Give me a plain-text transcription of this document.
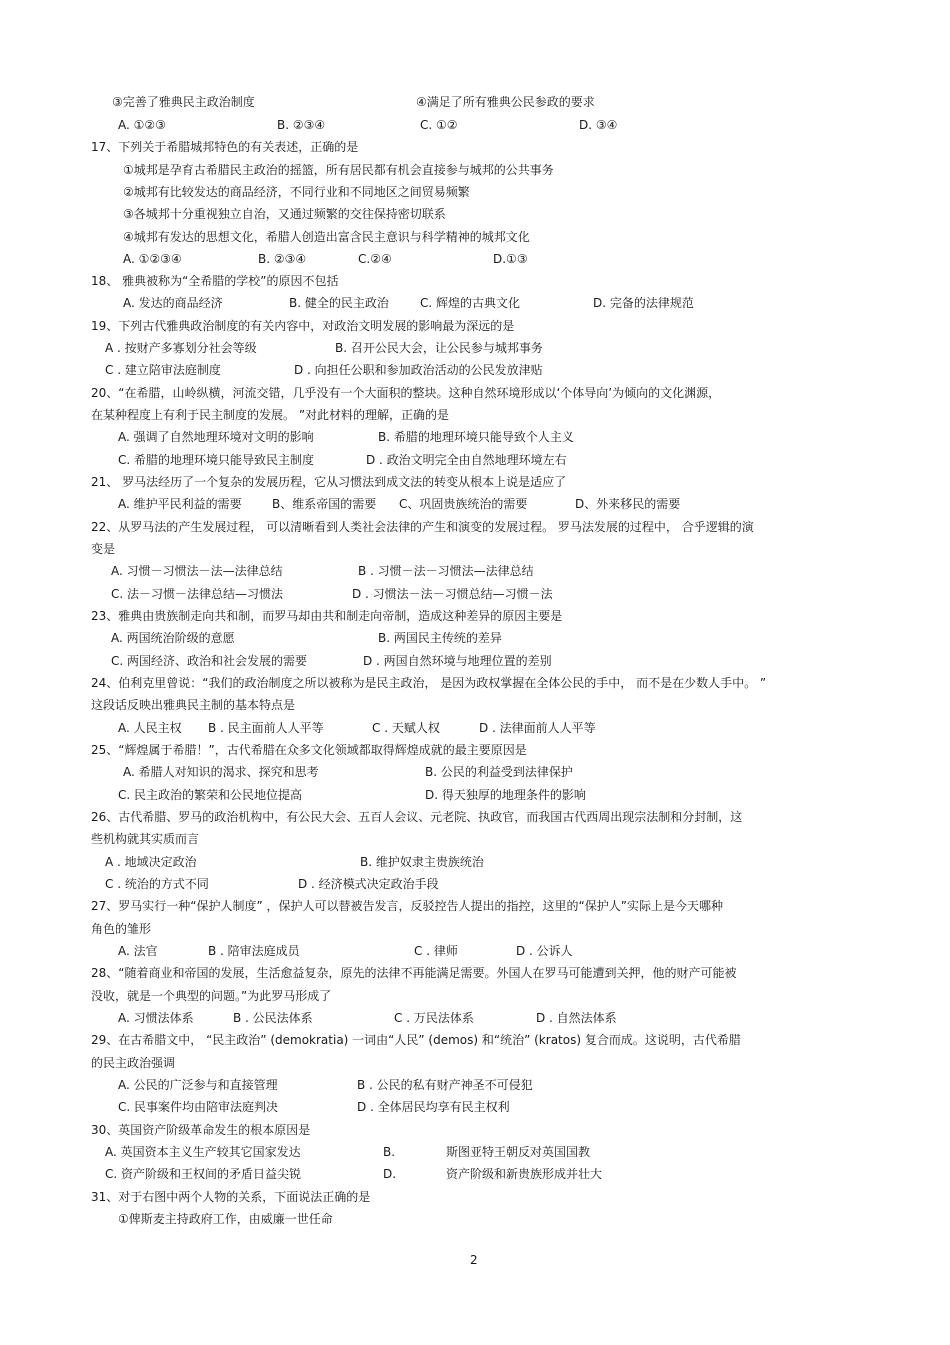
2
③完善了雅典民主政治制度	④满足了所有雅典公民参政的要求
A. ①②③	B. ②③④	C. ①②	D. ③④
17、下列关于希腊城邦特色的有关表述，正确的是
①城邦是孕育古希腊民主政治的摇篮，所有居民都有机会直接参与城邦的公共事务
②城邦有比较发达的商品经济，不同行业和不同地区之间贸易频繁
③各城邦十分重视独立自治，又通过频繁的交往保持密切联系
④城邦有发达的思想文化，希腊人创造出富含民主意识与科学精神的城邦文化
A. ①②③④	B. ②③④	C.②④	D.①③
18、 雅典被称为“全希腊的学校”的原因不包括
A. 发达的商品经济	B. 健全的民主政治	C. 辉煌的古典文化	D. 完备的法律规范
19、下列古代雅典政治制度的有关内容中，对政治文明发展的影响最为深远的是
A . 按财产多寡划分社会等级	B. 召开公民大会，让公民参与城邦事务
C . 建立陪审法庭制度	D . 向担任公职和参加政治活动的公民发放津贴
20、“在希腊，山岭纵横，河流交错，几乎没有一个大面积的整块。这种自然环境形成以‘个体导向’为倾向的文化渊源，
在某种程度上有利于民主制度的发展。 ”对此材料的理解，正确的是
A. 强调了自然地理环境对文明的影响	B. 希腊的地理环境只能导致个人主义
C. 希腊的地理环境只能导致民主制度	D . 政治文明完全由自然地理环境左右
21、 罗马法经历了一个复杂的发展历程，它从习惯法到成文法的转变从根本上说是适应了
A. 维护平民利益的需要	B、维系帝国的需要 C、巩固贵族统治的需要	D、外来移民的需要
22、从罗马法的产生发展过程， 可以清晰看到人类社会法律的产生和演变的发展过程。 罗马法发展的过程中， 合乎逻辑的演
变是
A. 习惯－习惯法－法—法律总结	B . 习惯－法－习惯法—法律总结
C. 法－习惯－法律总结—习惯法	D . 习惯法－法－习惯总结—习惯－法
23、雅典由贵族制走向共和制，而罗马却由共和制走向帝制，造成这种差异的原因主要是
A. 两国统治阶级的意愿	B. 两国民主传统的差异
C. 两国经济、政治和社会发展的需要	D . 两国自然环境与地理位置的差别
24、伯利克里曾说：“我们的政治制度之所以被称为是民主政治， 是因为政权掌握在全体公民的手中， 而不是在少数人手中。 ”
这段话反映出雅典民主制的基本特点是
A. 人民主权 B . 民主面前人人平等	C . 天赋人权	D . 法律面前人人平等
25、“辉煌属于希腊！”，古代希腊在众多文化领域都取得辉煌成就的最主要原因是
A. 希腊人对知识的渴求、探究和思考	B. 公民的利益受到法律保护
C. 民主政治的繁荣和公民地位提高	D. 得天独厚的地理条件的影响
26、古代希腊、罗马的政治机构中，有公民大会、五百人会议、元老院、执政官，而我国古代西周出现宗法制和分封制，这
些机构就其实质而言
A . 地域决定政治	B. 维护奴隶主贵族统治
C . 统治的方式不同	D . 经济模式决定政治手段
27、罗马实行一种“保护人制度” ，保护人可以替被告发言，反驳控告人提出的指控，这里的“保护人”实际上是今天哪种
角色的雏形
A. 法官	B . 陪审法庭成员	C . 律师	D . 公诉人
28、“随着商业和帝国的发展，生活愈益复杂，原先的法律不再能满足需要。外国人在罗马可能遭到关押，他的财产可能被
没收，就是一个典型的问题。”为此罗马形成了
A. 习惯法体系	B . 公民法体系	C . 万民法体系	D . 自然法体系
29、在古希腊文中， “民主政治” (demokratia) 一词由“人民” (demos) 和“统治” (kratos) 复合而成。这说明，古代希腊
的民主政治强调
A. 公民的广泛参与和直接管理	B . 公民的私有财产神圣不可侵犯
C. 民事案件均由陪审法庭判决	D . 全体居民均享有民主权利
30、英国资产阶级革命发生的根本原因是
A. 英国资本主义生产较其它国家发达	B.	斯图亚特王朝反对英国国教
C. 资产阶级和王权间的矛盾日益尖锐	D.	资产阶级和新贵族形成并壮大
31、对于右图中两个人物的关系，下面说法正确的是
①俾斯麦主持政府工作，由威廉一世任命
